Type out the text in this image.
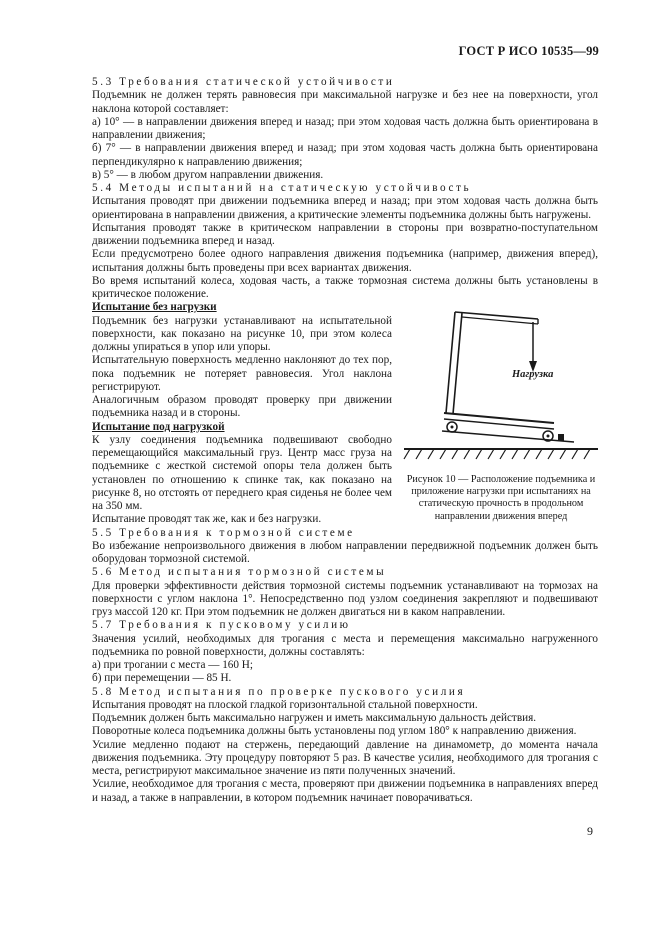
ГОСТ Р ИСО 10535—99

5.3 Требования статической устойчивости

Подъемник не должен терять равновесия при максимальной нагрузке и без нее на поверхности, угол наклона которой составляет:

а) 10° — в направлении движения вперед и назад; при этом ходовая часть должна быть ориентирована в направлении движения;

б) 7° — в направлении движения вперед и назад; при этом ходовая часть должна быть ориентирована перпендикулярно к направлению движения;

в) 5° — в любом другом направлении движения.

5.4 Методы испытаний на статическую устойчивость

Испытания проводят при движении подъемника вперед и назад; при этом ходовая часть должна быть ориентирована в направлении движения, а критические элементы подъемника должны быть нагружены.

Испытания проводят также в критическом направлении в стороны при возвратно-поступательном движении подъемника вперед и назад.

Если предусмотрено более одного направления движения подъемника (например, движения вперед), испытания должны быть проведены при всех вариантах движения.

Во время испытаний колеса, ходовая часть, а также тормозная система должны быть установлены в критическое положение.

Испытание без нагрузки

Подъемник без нагрузки устанавливают на испытательной поверхности, как показано на рисунке 10, при этом колеса должны упираться в упор или упоры.

Испытательную поверхность медленно наклоняют до тех пор, пока подъемник не потеряет равновесия. Угол наклона регистрируют.

Аналогичным образом проводят проверку при движении подъемника назад и в стороны.

Испытание под нагрузкой

К узлу соединения подъемника подвешивают свободно перемещающийся максимальный груз. Центр масс груза на подъемнике с жесткой системой опоры тела должен быть установлен по отношению к спинке так, как показано на рисунке 8, но отстоять от переднего края сиденья не более чем на 350 мм.

Испытание проводят так же, как и без нагрузки.

5.5 Требования к тормозной системе

Во избежание непроизвольного движения в любом направлении передвижной подъемник должен быть оборудован тормозной системой.

5.6 Метод испытания тормозной системы

Для проверки эффективности действия тормозной системы подъемник устанавливают на тормозах на поверхности с углом наклона 1°. Непосредственно под узлом соединения закрепляют и подвешивают груз массой 120 кг. При этом подъемник не должен двигаться ни в каком направлении.

5.7 Требования к пусковому усилию

Значения усилий, необходимых для трогания с места и перемещения максимально нагруженного подъемника по ровной поверхности, должны составлять:

а) при трогании с места — 160 Н;

б) при перемещении — 85 Н.

5.8 Метод испытания по проверке пускового усилия

Испытания проводят на плоской гладкой горизонтальной стальной поверхности.

Подъемник должен быть максимально нагружен и иметь максимальную дальность действия.

Поворотные колеса подъемника должны быть установлены под углом 180° к направлению движения.

Усилие медленно подают на стержень, передающий давление на динамометр, до момента начала движения подъемника. Эту процедуру повторяют 5 раз. В качестве усилия, необходимого для трогания с места, регистрируют максимальное значение из пяти полученных значений.

Усилие, необходимое для трогания с места, проверяют при движении подъемника в направлениях вперед и назад, а также в направлении, в котором подъемник начинает поворачиваться.

Нагрузка
Рисунок 10 — Расположение подъемника и приложение нагрузки при испытаниях на статическую прочность в продольном направлении движения вперед
9
